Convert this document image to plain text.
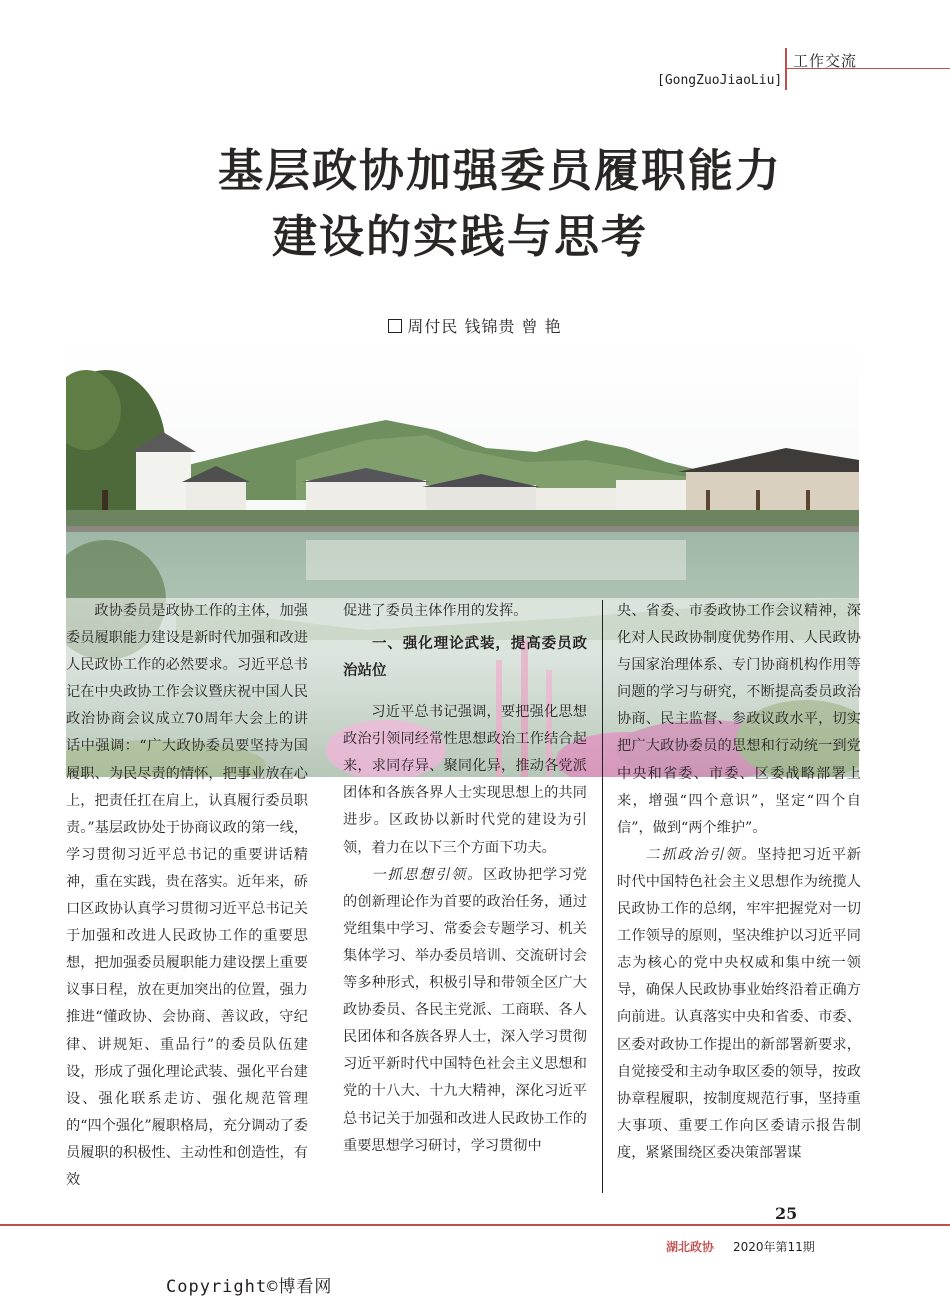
工作交流
[GongZuoJiaoLiu]
基层政协加强委员履职能力
建设的实践与思考
周付民 钱锦贵 曾 艳

政协委员是政协工作的主体，加强委员履职能力建设是新时代加强和改进人民政协工作的必然要求。习近平总书记在中央政协工作会议暨庆祝中国人民政治协商会议成立70周年大会上的讲话中强调：“广大政协委员要坚持为国履职、为民尽责的情怀，把事业放在心上，把责任扛在肩上，认真履行委员职责。”基层政协处于协商议政的第一线，学习贯彻习近平总书记的重要讲话精神，重在实践，贵在落实。近年来，硚口区政协认真学习贯彻习近平总书记关于加强和改进人民政协工作的重要思想，把加强委员履职能力建设摆上重要议事日程，放在更加突出的位置，强力推进“懂政协、会协商、善议政，守纪律、讲规矩、重品行”的委员队伍建设，形成了强化理论武装、强化平台建设、强化联系走访、强化规范管理的“四个强化”履职格局，充分调动了委员履职的积极性、主动性和创造性，有效

促进了委员主体作用的发挥。

一、强化理论武装，提高委员政治站位

习近平总书记强调，要把强化思想政治引领同经常性思想政治工作结合起来，求同存异、聚同化异，推动各党派团体和各族各界人士实现思想上的共同进步。区政协以新时代党的建设为引领，着力在以下三个方面下功夫。

一抓思想引领。区政协把学习党的创新理论作为首要的政治任务，通过党组集中学习、常委会专题学习、机关集体学习、举办委员培训、交流研讨会等多种形式，积极引导和带领全区广大政协委员、各民主党派、工商联、各人民团体和各族各界人士，深入学习贯彻习近平新时代中国特色社会主义思想和党的十八大、十九大精神，深化习近平总书记关于加强和改进人民政协工作的重要思想学习研讨，学习贯彻中

央、省委、市委政协工作会议精神，深化对人民政协制度优势作用、人民政协与国家治理体系、专门协商机构作用等问题的学习与研究，不断提高委员政治协商、民主监督、参政议政水平，切实把广大政协委员的思想和行动统一到党中央和省委、市委、区委战略部署上来，增强“四个意识”，坚定“四个自信”，做到“两个维护”。

二抓政治引领。坚持把习近平新时代中国特色社会主义思想作为统揽人民政协工作的总纲，牢牢把握党对一切工作领导的原则，坚决维护以习近平同志为核心的党中央权威和集中统一领导，确保人民政协事业始终沿着正确方向前进。认真落实中央和省委、市委、区委对政协工作提出的新部署新要求，自觉接受和主动争取区委的领导，按政协章程履职，按制度规范行事，坚持重大事项、重要工作向区委请示报告制度，紧紧围绕区委决策部署谋

25
湖北政协 2020年第11期
Copyright©博看网
